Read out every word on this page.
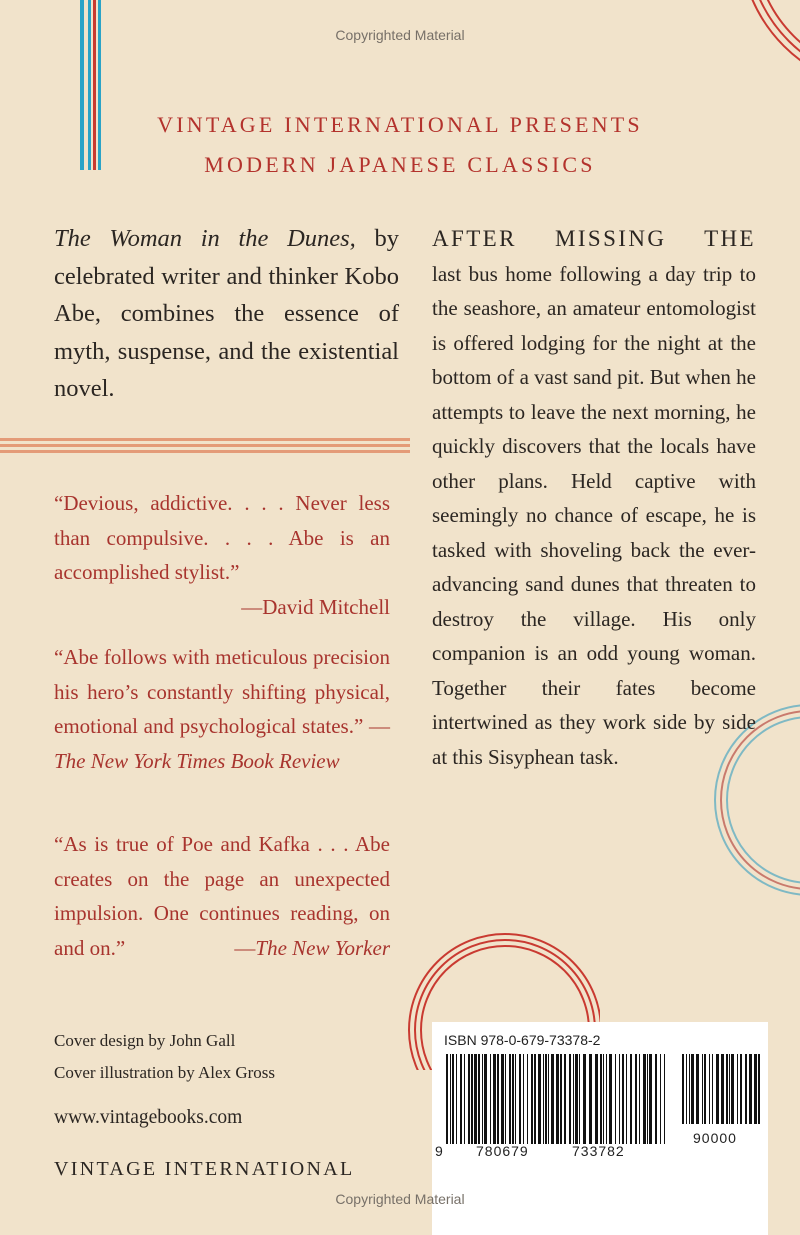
Copyrighted Material
VINTAGE INTERNATIONAL PRESENTS
MODERN JAPANESE CLASSICS
The Woman in the Dunes, by celebrated writer and thinker Kobo Abe, combines the essence of myth, suspense, and the existential novel.
“Devious, addictive. . . . Never less than compulsive. . . . Abe is an accomplished stylist.”
—David Mitchell
“Abe follows with meticulous precision his hero’s constantly shifting physical, emotional and psychological states.” —The New York Times Book Review
“As is true of Poe and Kafka . . . Abe creates on the page an unexpected impulsion. One continues reading, on and on.”	—The New Yorker
AFTER MISSING THE
last bus home following a day trip to the seashore, an amateur entomologist is offered lodging for the night at the bottom of a vast sand pit. But when he attempts to leave the next morning, he quickly discovers that the locals have other plans. Held captive with seemingly no chance of escape, he is tasked with shoveling back the ever-advancing sand dunes that threaten to destroy the village. His only companion is an odd young woman. Together their fates become intertwined as they work side by side at this Sisyphean task.
Cover design by John Gall
Cover illustration by Alex Gross
www.vintagebooks.com
VINTAGE INTERNATIONAL
ISBN 978-0-679-73378-2
9 780679	733782
90000
Copyrighted Material
